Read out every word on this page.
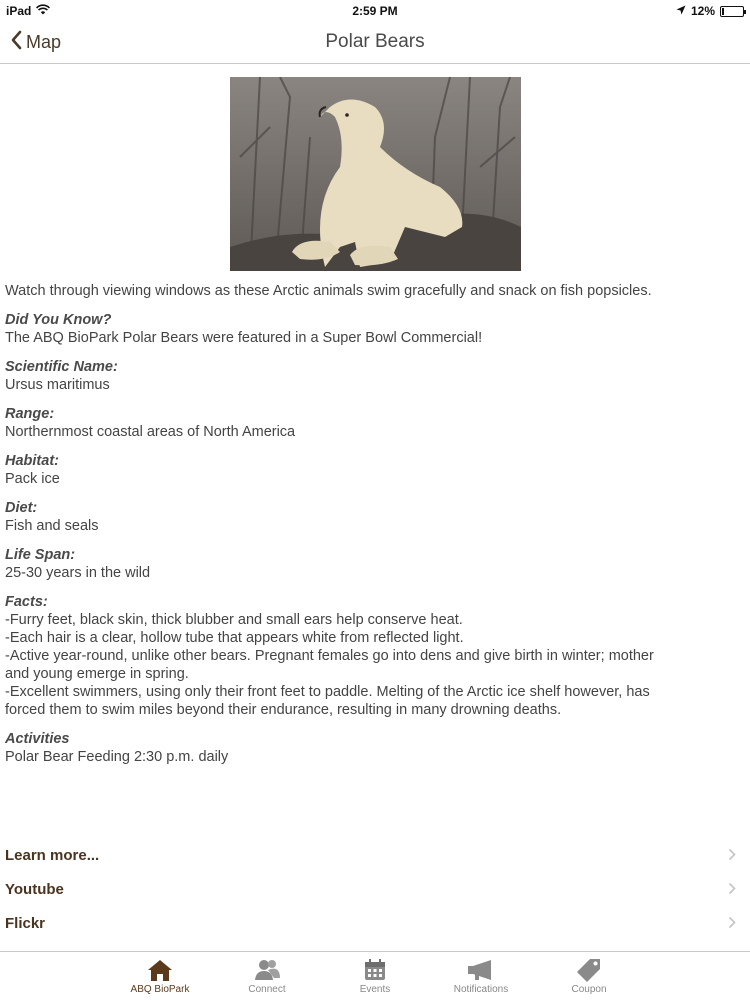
iPad	2:59 PM	12%
Map	Polar Bears
Watch through viewing windows as these Arctic animals swim gracefully and snack on fish popsicles.
Did You Know?
The ABQ BioPark Polar Bears were featured in a Super Bowl Commercial!
Scientific Name:
Ursus maritimus
Range:
Northernmost coastal areas of North America
Habitat:
Pack ice
Diet:
Fish and seals
Life Span:
25-30 years in the wild
Facts:
-Furry feet, black skin, thick blubber and small ears help conserve heat.
-Each hair is a clear, hollow tube that appears white from reflected light.
-Active year-round, unlike other bears. Pregnant females go into dens and give birth in winter; mother and young emerge in spring.
-Excellent swimmers, using only their front feet to paddle. Melting of the Arctic ice shelf however, has forced them to swim miles beyond their endurance, resulting in many drowning deaths.
Activities
Polar Bear Feeding 2:30 p.m. daily
Learn more...
Youtube
Flickr
ABQ BioPark	Connect	Events	Notifications	Coupon
